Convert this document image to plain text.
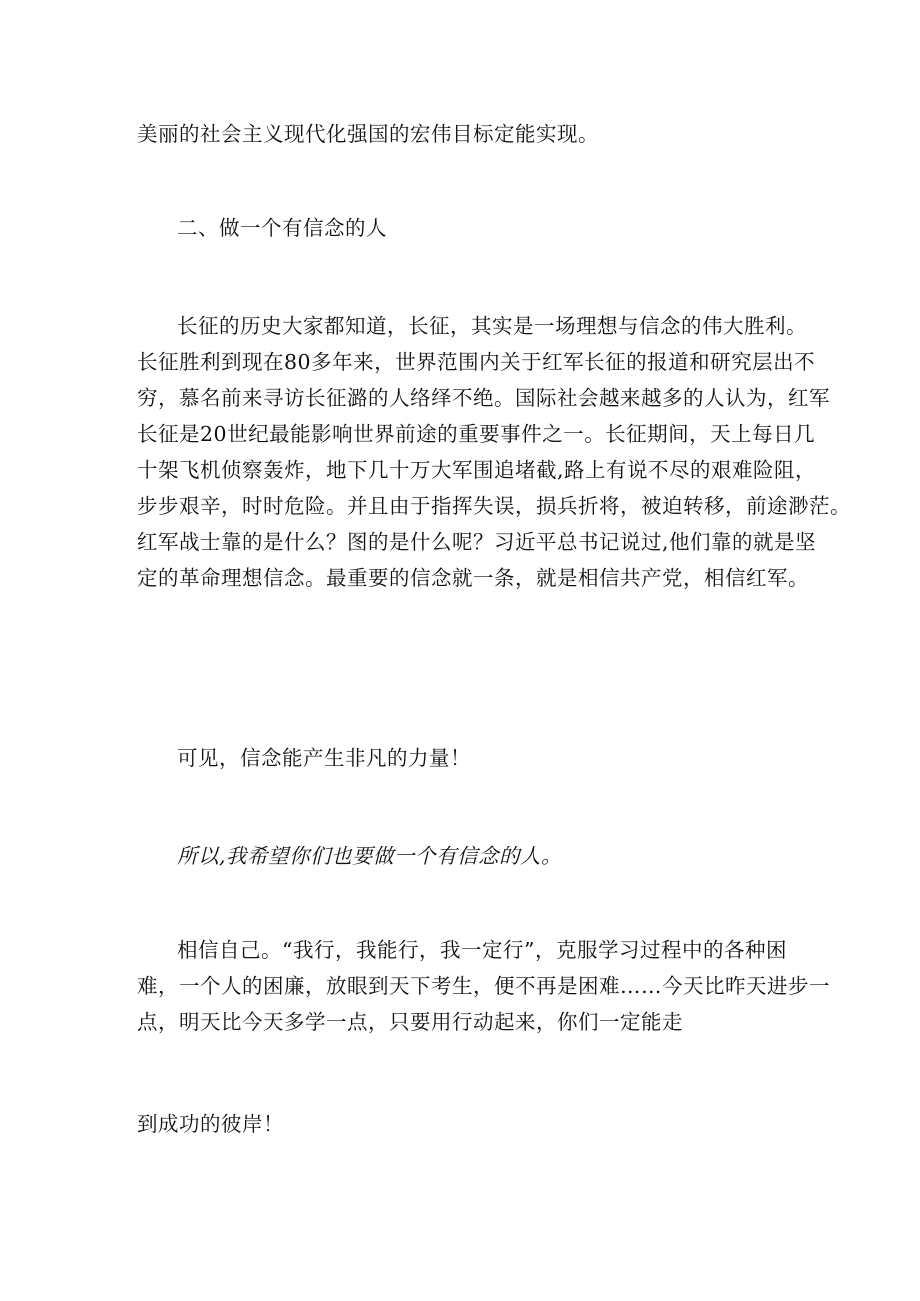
美丽的社会主义现代化强国的宏伟目标定能实现。

二、做一个有信念的人

长征的历史大家都知道，长征，其实是一场理想与信念的伟大胜利。
长征胜利到现在80多年来，世界范围内关于红军长征的报道和研究层出不
穷，慕名前来寻访长征潞的人络绎不绝。国际社会越来越多的人认为，红军
长征是20世纪最能影响世界前途的重要事件之一。长征期间，天上每日几
十架飞机侦察轰炸，地下几十万大军围追堵截,路上有说不尽的艰难险阻，
步步艰辛，时时危险。并且由于指挥失误，损兵折将，被迫转移，前途渺茫。
红军战士靠的是什么？图的是什么呢？习近平总书记说过,他们靠的就是坚
定的革命理想信念。最重要的信念就一条，就是相信共产党，相信红军。

可见，信念能产生非凡的力量！

所以,我希望你们也要做一个有信念的人。

相信自己。“我行，我能行，我一定行”，克服学习过程中的各种困
难，一个人的困廉，放眼到天下考生，便不再是困难……今天比昨天进步一
点，明天比今天多学一点，只要用行动起来，你们一定能走

到成功的彼岸！
